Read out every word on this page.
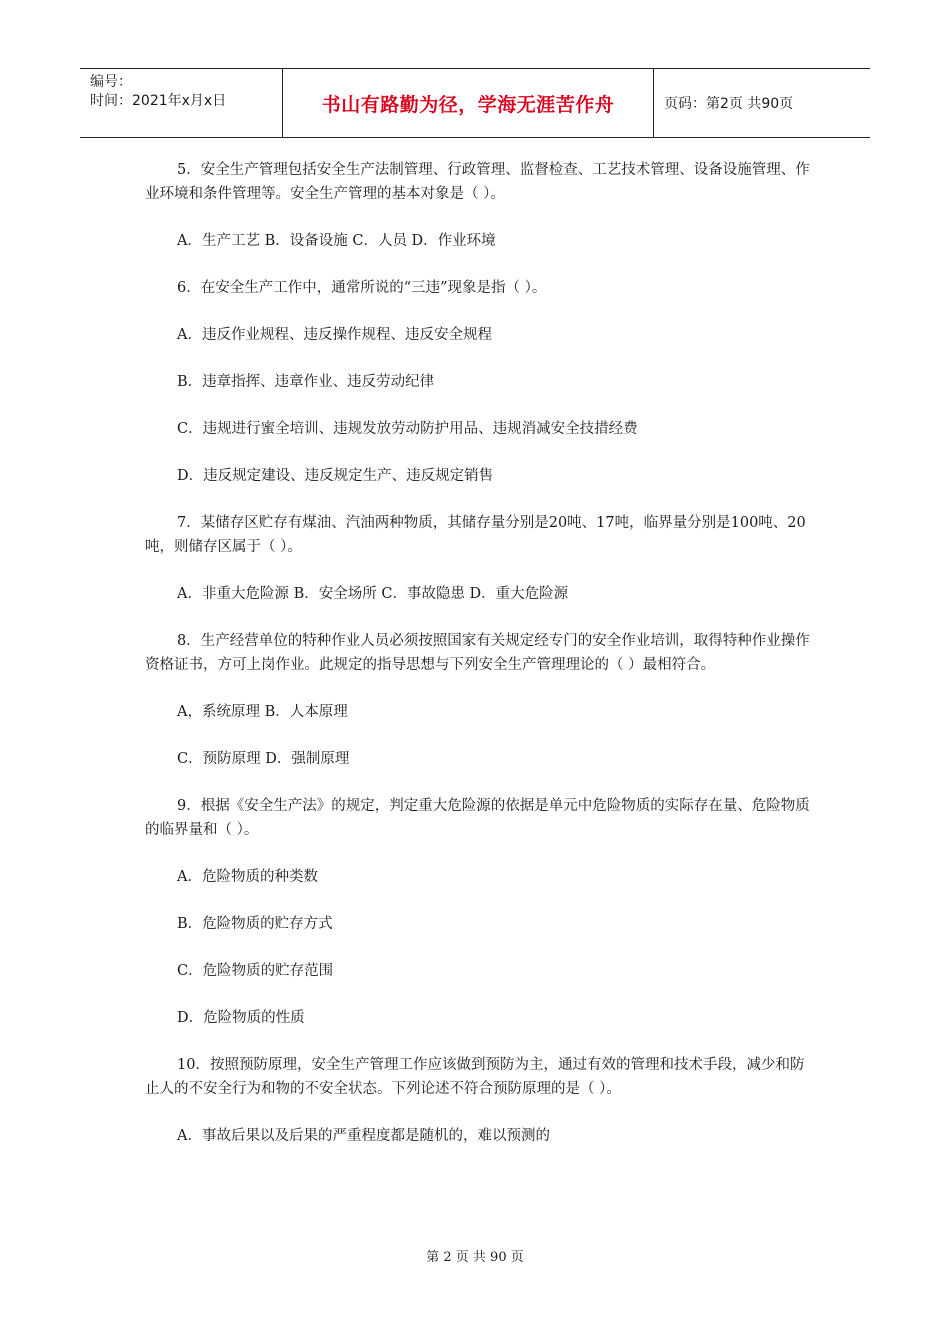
编号：
时间：2021年x月x日	书山有路勤为径，学海无涯苦作舟	页码：第2页 共90页

5．安全生产管理包括安全生产法制管理、行政管理、监督检查、工艺技术管理、设备设施管理、作业环境和条件管理等。安全生产管理的基本对象是（ ）。

A．生产工艺 B．设备设施 C．人员 D．作业环境

6．在安全生产工作中，通常所说的“三违”现象是指（ ）。

A．违反作业规程、违反操作规程、违反安全规程

B．违章指挥、违章作业、违反劳动纪律

C．违规进行蜜全培训、违规发放劳动防护用品、违规消减安全技措经费

D．违反规定建设、违反规定生产、违反规定销售

7．某储存区贮存有煤油、汽油两种物质，其储存量分别是20吨、17吨，临界量分别是100吨、20吨，则储存区属于（ ）。

A．非重大危险源 B．安全场所 C．事故隐患 D．重大危险源

8．生产经营单位的特种作业人员必须按照国家有关规定经专门的安全作业培训，取得特种作业操作资格证书，方可上岗作业。此规定的指导思想与下列安全生产管理理论的（ ）最相符合。

A，系统原理 B．人本原理

C．预防原理 D．强制原理

9．根据《安全生产法》的规定，判定重大危险源的依据是单元中危险物质的实际存在量、危险物质的临界量和（ ）。

A．危险物质的种类数

B．危险物质的贮存方式

C．危险物质的贮存范围

D．危险物质的性质

10．按照预防原理，安全生产管理工作应该做到预防为主，通过有效的管理和技术手段，减少和防止人的不安全行为和物的不安全状态。下列论述不符合预防原理的是（ ）。

A．事故后果以及后果的严重程度都是随机的，难以预测的

第 2 页 共 90 页
